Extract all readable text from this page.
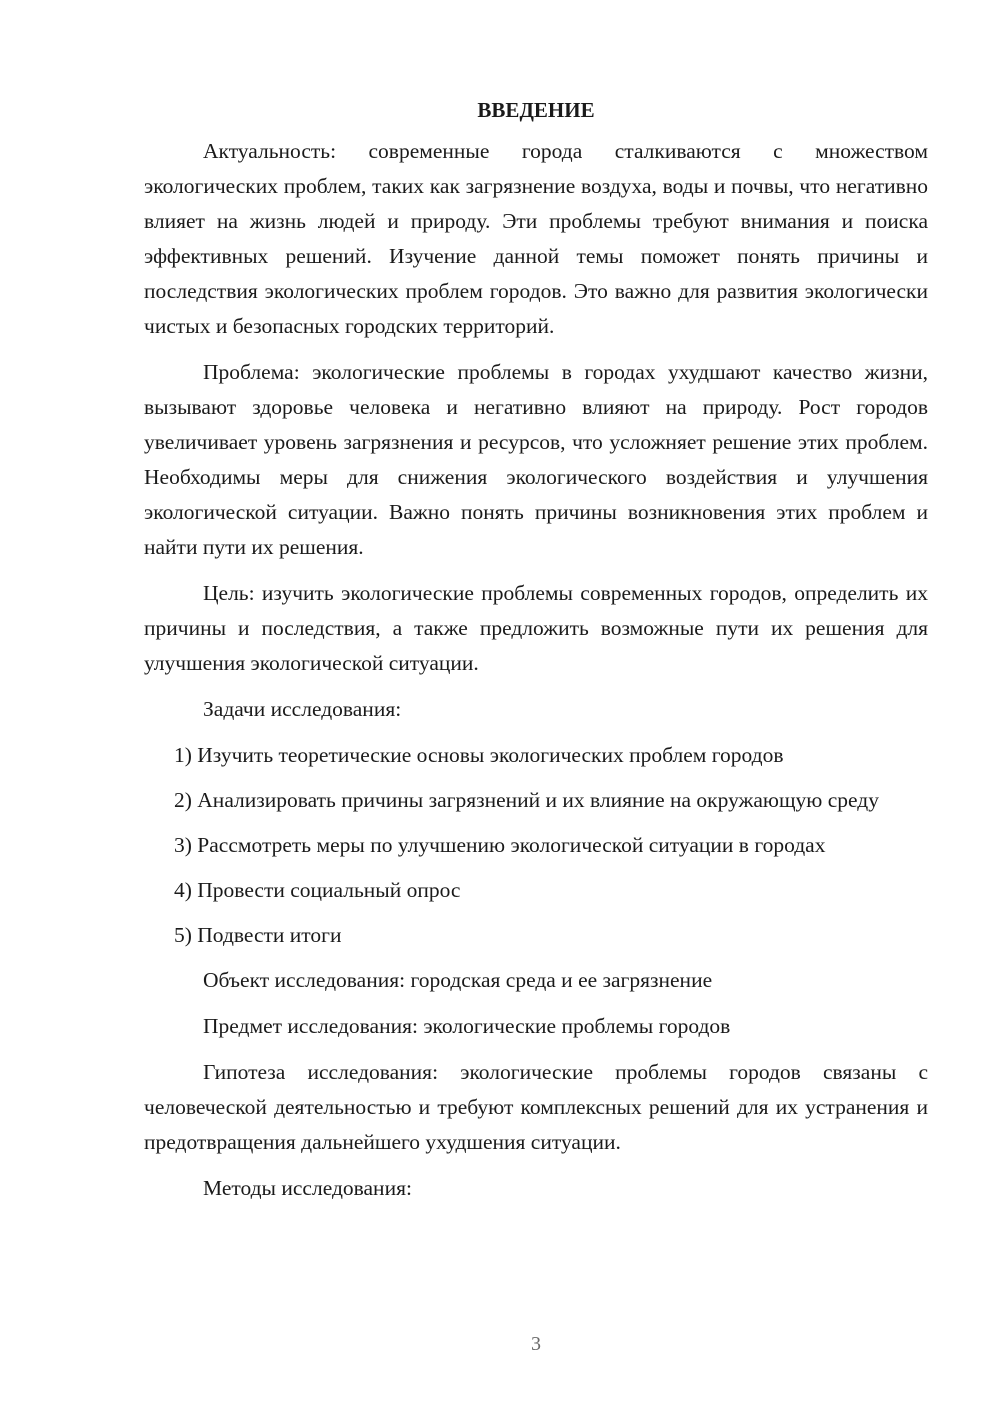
ВВЕДЕНИЕ

Актуальность: современные города сталкиваются с множеством экологических проблем, таких как загрязнение воздуха, воды и почвы, что негативно влияет на жизнь людей и природу. Эти проблемы требуют внимания и поиска эффективных решений. Изучение данной темы поможет понять причины и последствия экологических проблем городов. Это важно для развития экологически чистых и безопасных городских территорий.

Проблема: экологические проблемы в городах ухудшают качество жизни, вызывают здоровье человека и негативно влияют на природу. Рост городов увеличивает уровень загрязнения и ресурсов, что усложняет решение этих проблем. Необходимы меры для снижения экологического воздействия и улучшения экологической ситуации. Важно понять причины возникновения этих проблем и найти пути их решения.

Цель: изучить экологические проблемы современных городов, определить их причины и последствия, а также предложить возможные пути их решения для улучшения экологической ситуации.

Задачи исследования:

1) Изучить теоретические основы экологических проблем городов

2) Анализировать причины загрязнений и их влияние на окружающую среду

3) Рассмотреть меры по улучшению экологической ситуации в городах

4) Провести социальный опрос

5) Подвести итоги

Объект исследования: городская среда и ее загрязнение

Предмет исследования: экологические проблемы городов

Гипотеза исследования: экологические проблемы городов связаны с человеческой деятельностью и требуют комплексных решений для их устранения и предотвращения дальнейшего ухудшения ситуации.

Методы исследования:

3
